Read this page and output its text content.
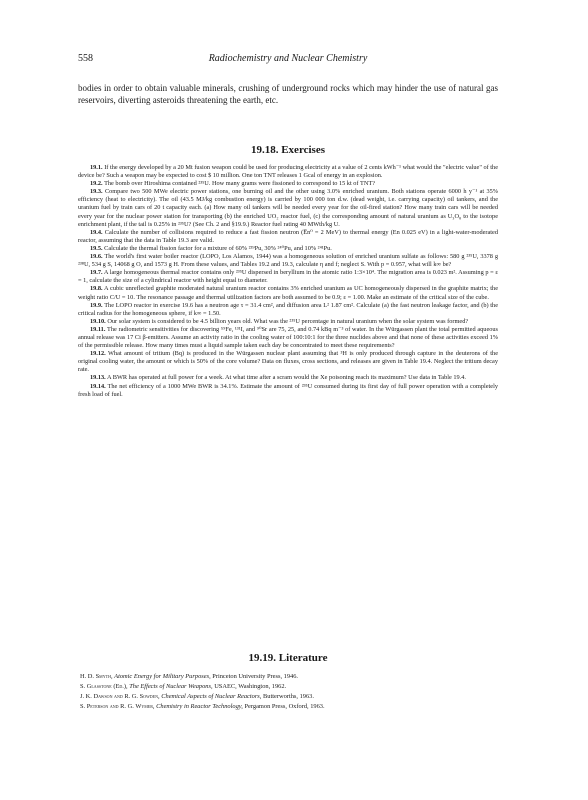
558	Radiochemistry and Nuclear Chemistry

bodies in order to obtain valuable minerals, crushing of underground rocks which may hinder the use of natural gas reservoirs, diverting asteroids threatening the earth, etc.

19.18. Exercises

19.1. If the energy developed by a 20 Mt fusion weapon could be used for producing electricity at a value of 2 cents kWh⁻¹ what would the "electric value" of the device be? Such a weapon may be expected to cost $ 10 million. One ton TNT releases 1 Gcal of energy in an explosion.

19.2. The bomb over Hiroshima contained ²³⁵U. How many grams were fissioned to correspond to 15 kt of TNT?

19.3. Compare two 500 MWe electric power stations, one burning oil and the other using 3.0% enriched uranium. Both stations operate 6000 h y⁻¹ at 35% efficiency (heat to electricity). The oil (43.5 MJ/kg combustion energy) is carried by 100 000 ton d.w. (dead weight, i.e. carrying capacity) oil tankers, and the uranium fuel by train cars of 20 t capacity each. (a) How many oil tankers will be needed every year for the oil-fired station? How many train cars will be needed every year for the nuclear power station for transporting (b) the enriched UO₂ reactor fuel, (c) the corresponding amount of natural uranium as U₃O₈ to the isotope enrichment plant, if the tail is 0.25% in ²³⁵U? (See Ch. 2 and §19.9.) Reactor fuel rating 40 MWth/kg U.

19.4. Calculate the number of collisions required to reduce a fast fission neutron (E̅n⁰ = 2 MeV) to thermal energy (En 0.025 eV) in a light-water-moderated reactor, assuming that the data in Table 19.3 are valid.

19.5. Calculate the thermal fission factor for a mixture of 60% ²³⁹Pu, 30% ²⁴⁰Pu, and 10% ²⁴¹Pu.

19.6. The world's first water boiler reactor (LOPO, Los Alamos, 1944) was a homogeneous solution of enriched uranium sulfate as follows: 580 g ²³⁵U, 3378 g ²³⁸U, 534 g S, 14068 g O, and 1573 g H. From these values, and Tables 19.2 and 19.3, calculate η and f; neglect S. With p = 0.957, what will k∞ be?

19.7. A large homogeneous thermal reactor contains only ²³⁵U dispersed in beryllium in the atomic ratio 1:3×10⁴. The migration area is 0.023 m². Assuming p = ε = 1, calculate the size of a cylindrical reactor with height equal to diameter.

19.8. A cubic unreflected graphite moderated natural uranium reactor contains 3% enriched uranium as UC homogeneously dispersed in the graphite matrix; the weight ratio C/U = 10. The resonance passage and thermal utilization factors are both assumed to be 0.9; ε = 1.00. Make an estimate of the critical size of the cube.

19.9. The LOPO reactor in exercise 19.6 has a neutron age τ = 31.4 cm², and diffusion area L² 1.87 cm². Calculate (a) the fast neutron leakage factor, and (b) the critical radius for the homogeneous sphere, if k∞ = 1.50.

19.10. Our solar system is considered to be 4.5 billion years old. What was the ²³⁵U percentage in natural uranium when the solar system was formed?

19.11. The radiometric sensitivities for discovering ⁵⁹Fe, ¹³¹I, and ⁹⁰Sr are 75, 25, and 0.74 kBq m⁻³ of water. In the Würgassen plant the total permitted aqueous annual release was 17 Ci β-emitters. Assume an activity ratio in the cooling water of 100:10:1 for the three nuclides above and that none of these activities exceed 1% of the permissible release. How many times must a liquid sample taken each day be concentrated to meet these requirements?

19.12. What amount of tritium (Bq) is produced in the Würgassen nuclear plant assuming that ³H is only produced through capture in the deuterons of the original cooling water, the amount or which is 50% of the core volume? Data on fluxes, cross sections, and releases are given in Table 19.4. Neglect the tritium decay rate.

19.13. A BWR has operated at full power for a week. At what time after a scram would the Xe poisoning reach its maximum? Use data in Table 19.4.

19.14. The net efficiency of a 1000 MWe BWR is 34.1%. Estimate the amount of ²³⁵U consumed during its first day of full power operation with a completely fresh load of fuel.

19.19. Literature
H. D. Smyth, Atomic Energy for Military Purposes, Princeton University Press, 1946.
S. Glasstone (Ed.), The Effects of Nuclear Weapons, USAEC, Washington, 1962.
J. K. Dawson and R. G. Sowden, Chemical Aspects of Nuclear Reactors, Butterworths, 1963.
S. Peterson and R. G. Wymer, Chemistry in Reactor Technology, Pergamon Press, Oxford, 1963.
